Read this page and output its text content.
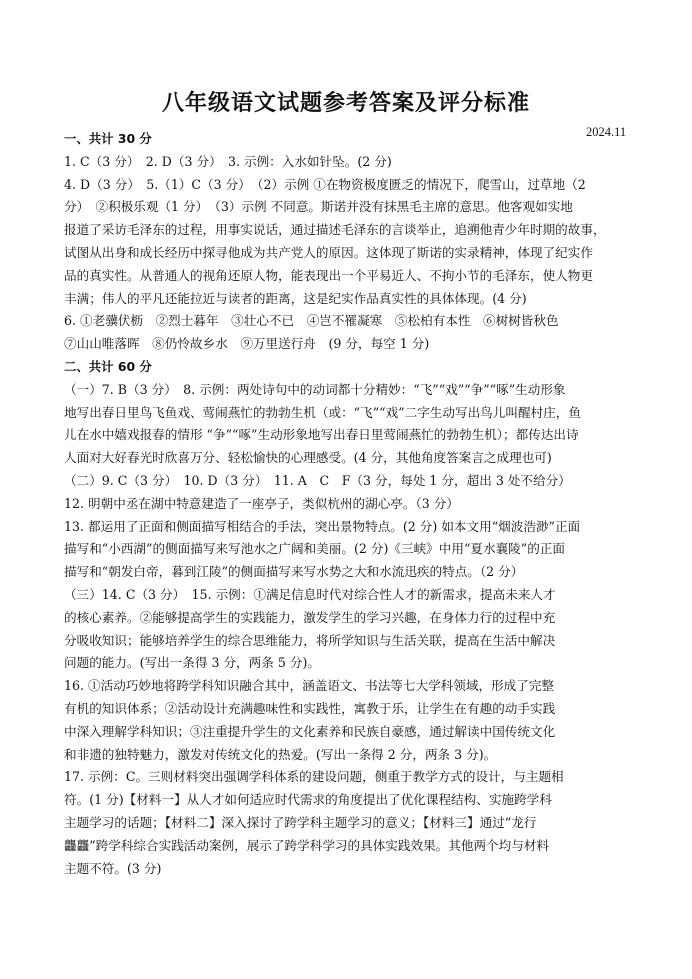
八年级语文试题参考答案及评分标准
2024.11
一、共计 30 分
1. C（3 分）　2. D（3 分）　3. 示例：入水如针坠。(2 分)
4. D（3 分）　5.（1）C（3 分）　（2）示例 ①在物资极度匮乏的情况下，爬雪山，过草地（2
分）　②积极乐观（1 分）　（3）示例 不同意。斯诺并没有抹黑毛主席的意思。他客观如实地
报道了采访毛泽东的过程，用事实说话，通过描述毛泽东的言谈举止，追溯他青少年时期的故事，
试图从出身和成长经历中探寻他成为共产党人的原因。这体现了斯诺的实录精神，体现了纪实作
品的真实性。从普通人的视角还原人物，能表现出一个平易近人、不拘小节的毛泽东，使人物更
丰满；伟人的平凡还能拉近与读者的距离，这是纪实作品真实性的具体体现。(4 分)
6. ①老骥伏枥　②烈士暮年　③壮心不已　④岂不罹凝寒　⑤松柏有本性　⑥树树皆秋色
⑦山山唯落晖　⑧仍怜故乡水　⑨万里送行舟　(9 分，每空 1 分)
二、共计 60 分
（一）7. B（3 分）　8. 示例：两处诗句中的动词都十分精妙：“飞”“戏”“争”“啄”生动形象
地写出春日里鸟飞鱼戏、莺闹燕忙的勃勃生机（或：“飞”“戏”二字生动写出鸟儿叫醒村庄，鱼
儿在水中嬉戏报春的情形 “争”“啄”生动形象地写出春日里莺闹燕忙的勃勃生机）；都传达出诗
人面对大好春光时欣喜万分、轻松愉快的心理感受。(4 分，其他角度答案言之成理也可)
（二）9. C（3 分）　10. D（3 分）　11. A　C　F（3 分，每处 1 分，超出 3 处不给分）
12. 明朝中丞在湖中特意建造了一座亭子，类似杭州的湖心亭。（3 分）
13. 都运用了正面和侧面描写相结合的手法，突出景物特点。(2 分) 如本文用“烟波浩渺”正面
描写和“小西湖”的侧面描写来写池水之广阔和美丽。(2 分)《三峡》中用“夏水襄陵”的正面
描写和“朝发白帝，暮到江陵”的侧面描写来写水势之大和水流迅疾的特点。（2 分）
（三）14. C（3 分）　15. 示例：①满足信息时代对综合性人才的新需求，提高未来人才
的核心素养。②能够提高学生的实践能力，激发学生的学习兴趣，在身体力行的过程中充
分吸收知识；能够培养学生的综合思维能力，将所学知识与生活关联，提高在生活中解决
问题的能力。(写出一条得 3 分，两条 5 分)。
16. ①活动巧妙地将跨学科知识融合其中，涵盖语文、书法等七大学科领域，形成了完整
有机的知识体系；②活动设计充满趣味性和实践性，寓教于乐，让学生在有趣的动手实践
中深入理解学科知识；③注重提升学生的文化素养和民族自豪感，通过解读中国传统文化
和非遗的独特魅力，激发对传统文化的热爱。(写出一条得 2 分，两条 3 分)。
17. 示例：C。三则材料突出强调学科体系的建设问题，侧重于教学方式的设计，与主题相
符。(1 分)【材料一】从人才如何适应时代需求的角度提出了优化课程结构、实施跨学科
主题学习的话题；【材料二】深入探讨了跨学科主题学习的意义；【材料三】通过“龙行
龘龘”跨学科综合实践活动案例，展示了跨学科学习的具体实践效果。其他两个均与材料
主题不符。(3 分)
